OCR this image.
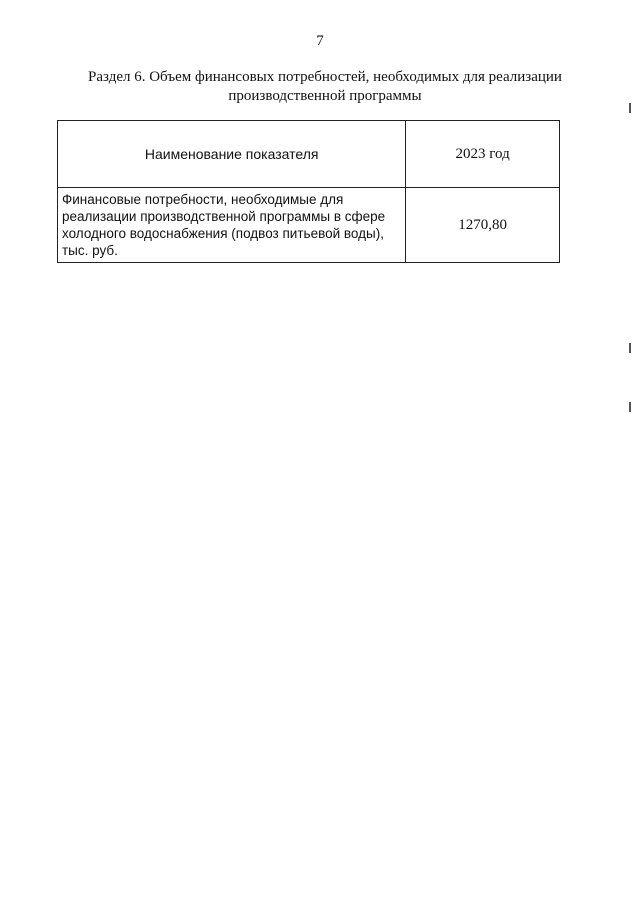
7
Раздел 6. Объем финансовых потребностей, необходимых для реализации
производственной программы
Наименование показателя	2023 год
Финансовые потребности, необходимые для реализации производственной программы в сфере холодного водоснабжения (подвоз питьевой воды), тыс. руб.	1270,80
